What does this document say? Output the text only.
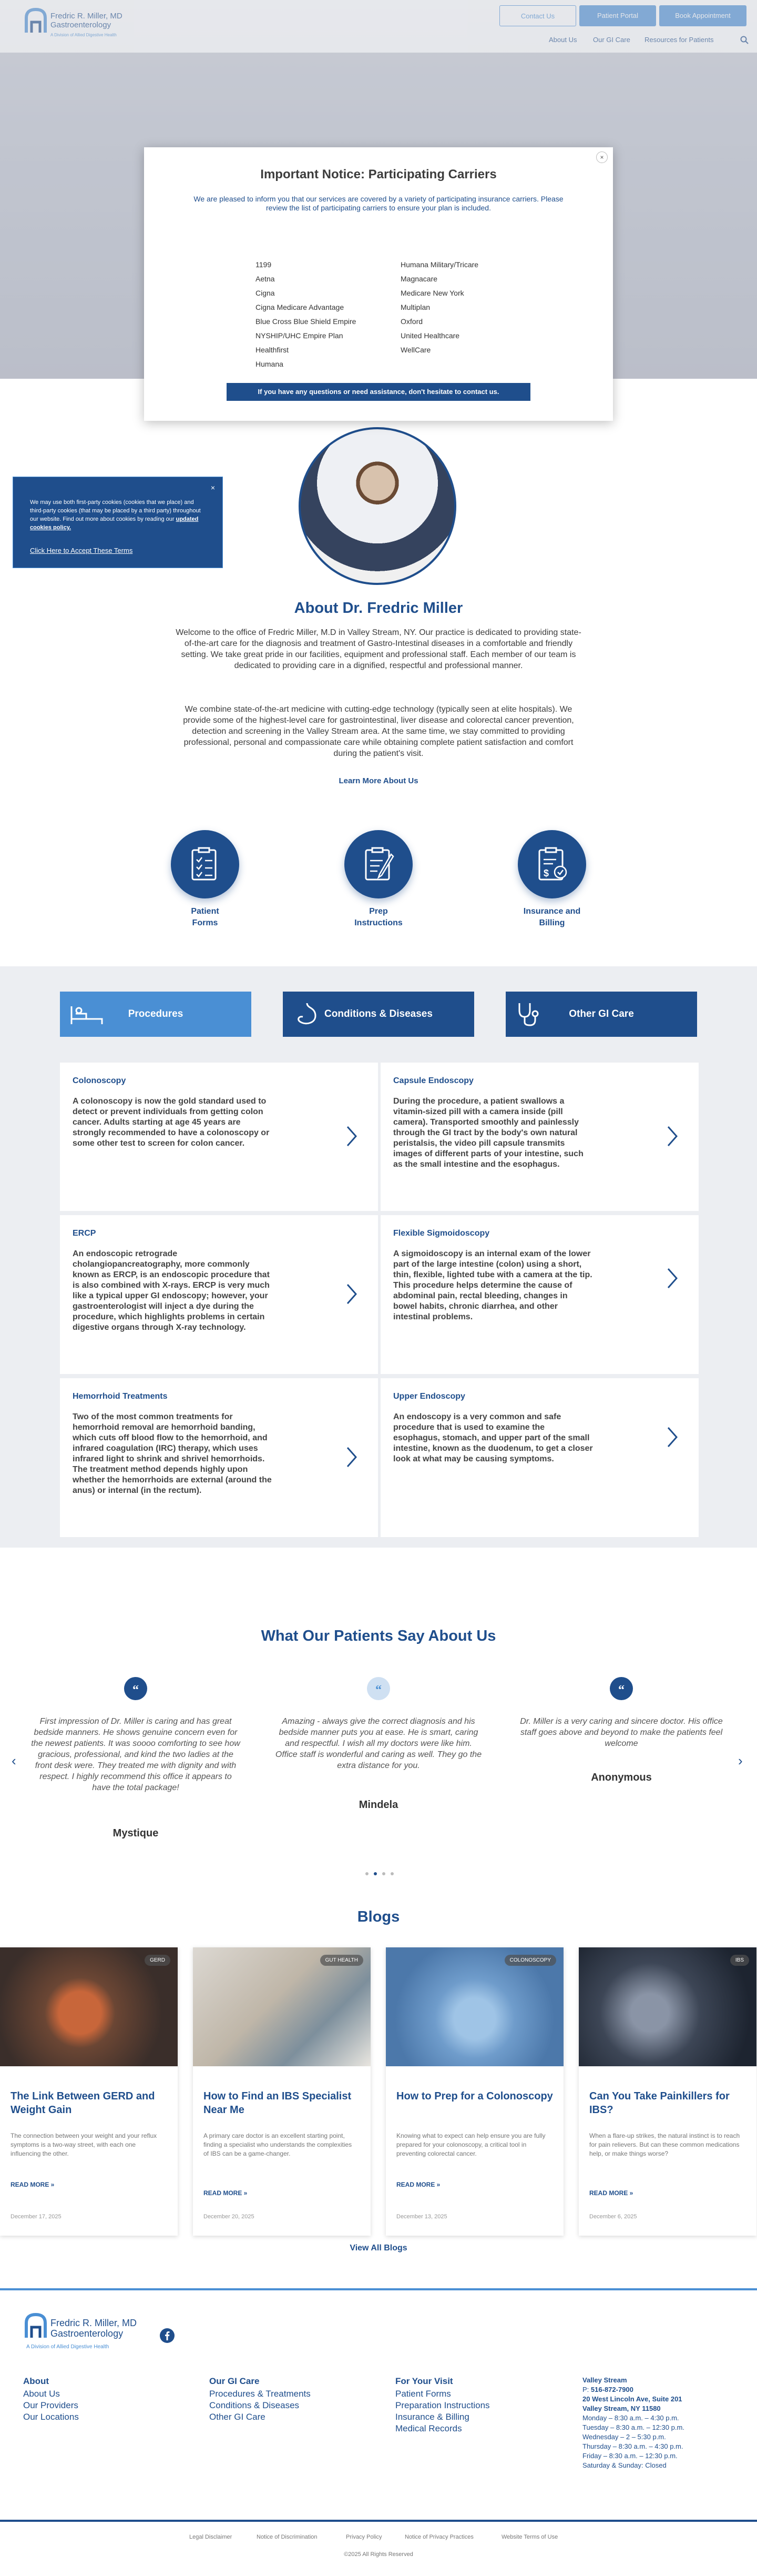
Fredric R. Miller, MD
Gastroenterology
A Division of Allied Digestive Health
Contact Us	Patient Portal	Book Appointment
About Us Our GI Care Resources for Patients
×
Important Notice: Participating Carriers
We are pleased to inform you that our services are covered by a variety of participating insurance carriers. Please review the list of participating carriers to ensure your plan is included.
1199
Aetna
Cigna
Cigna Medicare Advantage
Blue Cross Blue Shield Empire
NYSHIP/UHC Empire Plan
Healthfirst
Humana
Humana Military/Tricare
Magnacare
Medicare New York
Multiplan
Oxford
United Healthcare
WellCare
If you have any questions or need assistance, don't hesitate to contact us.
×
We may use both first-party cookies (cookies that we place) and third-party cookies (that may be placed by a third party) throughout our website. Find out more about cookies by reading our updated cookies policy.
Click Here to Accept These Terms
About Dr. Fredric Miller

Welcome to the office of Fredric Miller, M.D in Valley Stream, NY. Our practice is dedicated to providing state-of-the-art care for the diagnosis and treatment of Gastro-Intestinal diseases in a comfortable and friendly setting. We take great pride in our facilities, equipment and professional staff. Each member of our team is dedicated to providing care in a dignified, respectful and professional manner.

We combine state-of-the-art medicine with cutting-edge technology (typically seen at elite hospitals). We provide some of the highest-level care for gastrointestinal, liver disease and colorectal cancer prevention, detection and screening in the Valley Stream area. At the same time, we stay committed to providing professional, personal and compassionate care while obtaining complete patient satisfaction and comfort during the patient's visit.

Learn More About Us
Patient
Forms
Prep
Instructions
$
Insurance and
Billing
Procedures	Conditions & Diseases	Other GI Care
Colonoscopy

A colonoscopy is now the gold standard used to detect or prevent individuals from getting colon cancer. Adults starting at age 45 years are strongly recommended to have a colonoscopy or some other test to screen for colon cancer.

Capsule Endoscopy

During the procedure, a patient swallows a vitamin-sized pill with a camera inside (pill camera). Transported smoothly and painlessly through the GI tract by the body's own natural peristalsis, the video pill capsule transmits images of different parts of your intestine, such as the small intestine and the esophagus.

ERCP

An endoscopic retrograde cholangiopancreatography, more commonly known as ERCP, is an endoscopic procedure that is also combined with X-rays. ERCP is very much like a typical upper GI endoscopy; however, your gastroenterologist will inject a dye during the procedure, which highlights problems in certain digestive organs through X-ray technology.

Flexible Sigmoidoscopy

A sigmoidoscopy is an internal exam of the lower part of the large intestine (colon) using a short, thin, flexible, lighted tube with a camera at the tip. This procedure helps determine the cause of abdominal pain, rectal bleeding, changes in bowel habits, chronic diarrhea, and other intestinal problems.

Hemorrhoid Treatments

Two of the most common treatments for hemorrhoid removal are hemorrhoid banding, which cuts off blood flow to the hemorrhoid, and infrared coagulation (IRC) therapy, which uses infrared light to shrink and shrivel hemorrhoids. The treatment method depends highly upon whether the hemorrhoids are external (around the anus) or internal (in the rectum).

Upper Endoscopy

An endoscopy is a very common and safe procedure that is used to examine the esophagus, stomach, and upper part of the small intestine, known as the duodenum, to get a closer look at what may be causing symptoms.

What Our Patients Say About Us
‹	›
“

First impression of Dr. Miller is caring and has great bedside manners. He shows genuine concern even for the newest patients. It was soooo comforting to see how gracious, professional, and kind the two ladies at the front desk were. They treated me with dignity and with respect. I highly recommend this office it appears to have the total package!

Mystique
“

Amazing - always give the correct diagnosis and his bedside manner puts you at ease. He is smart, caring and respectful. I wish all my doctors were like him. Office staff is wonderful and caring as well. They go the extra distance for you.

Mindela
“

Dr. Miller is a very caring and sincere doctor. His office staff goes above and beyond to make the patients feel welcome

Anonymous
Blogs
GERD
The Link Between GERD and Weight Gain

The connection between your weight and your reflux symptoms is a two-way street, with each one influencing the other.

READ MORE »
December 17, 2025
GUT HEALTH
How to Find an IBS Specialist Near Me

A primary care doctor is an excellent starting point, finding a specialist who understands the complexities of IBS can be a game-changer.

READ MORE »
December 20, 2025
COLONOSCOPY
How to Prep for a Colonoscopy

Knowing what to expect can help ensure you are fully prepared for your colonoscopy, a critical tool in preventing colorectal cancer.

READ MORE »
December 13, 2025
IBS
Can You Take Painkillers for IBS?

When a flare-up strikes, the natural instinct is to reach for pain relievers. But can these common medications help, or make things worse?

READ MORE »
December 6, 2025
View All Blogs
Fredric R. Miller, MD
Gastroenterology
A Division of Allied Digestive Health
About
About Us
Our Providers
Our Locations
Our GI Care
Procedures & Treatments
Conditions & Diseases
Other GI Care
For Your Visit
Patient Forms
Preparation Instructions
Insurance & Billing
Medical Records
Valley Stream
P: 516-872-7900
20 West Lincoln Ave, Suite 201
Valley Stream, NY 11580
Monday – 8:30 a.m. – 4:30 p.m.
Tuesday – 8:30 a.m. – 12:30 p.m.
Wednesday – 2 – 5:30 p.m.
Thursday – 8:30 a.m. – 4:30 p.m.
Friday – 8:30 a.m. – 12:30 p.m.
Saturday & Sunday: Closed
Legal Disclaimer	Notice of Discrimination	Privacy Policy	Notice of Privacy Practices	Website Terms of Use
©2025 All Rights Reserved
